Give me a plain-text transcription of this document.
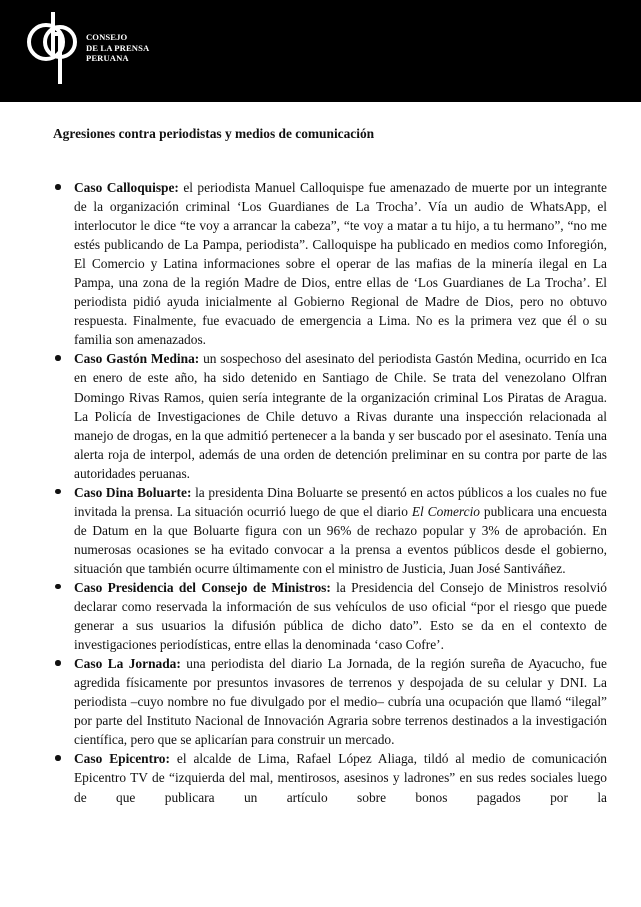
CONSEJO
DE LA PRENSA
PERUANA
Agresiones contra periodistas y medios de comunicación

Caso Calloquispe: el periodista Manuel Calloquispe fue amenazado de muerte por un integrante de la organización criminal ‘Los Guardianes de La Trocha’. Vía un audio de WhatsApp, el interlocutor le dice “te voy a arrancar la cabeza”, “te voy a matar a tu hijo, a tu hermano”, “no me estés publicando de La Pampa, periodista”. Calloquispe ha publicado en medios como Inforegión, El Comercio y Latina informaciones sobre el operar de las mafias de la minería ilegal en La Pampa, una zona de la región Madre de Dios, entre ellas de ‘Los Guardianes de La Trocha’. El periodista pidió ayuda inicialmente al Gobierno Regional de Madre de Dios, pero no obtuvo respuesta. Finalmente, fue evacuado de emergencia a Lima. No es la primera vez que él o su familia son amenazados.

Caso Gastón Medina: un sospechoso del asesinato del periodista Gastón Medina, ocurrido en Ica en enero de este año, ha sido detenido en Santiago de Chile. Se trata del venezolano Olfran Domingo Rivas Ramos, quien sería integrante de la organización criminal Los Piratas de Aragua. La Policía de Investigaciones de Chile detuvo a Rivas durante una inspección relacionada al manejo de drogas, en la que admitió pertenecer a la banda y ser buscado por el asesinato. Tenía una alerta roja de interpol, además de una orden de detención preliminar en su contra por parte de las autoridades peruanas.

Caso Dina Boluarte: la presidenta Dina Boluarte se presentó en actos públicos a los cuales no fue invitada la prensa. La situación ocurrió luego de que el diario El Comercio publicara una encuesta de Datum en la que Boluarte figura con un 96% de rechazo popular y 3% de aprobación. En numerosas ocasiones se ha evitado convocar a la prensa a eventos públicos desde el gobierno, situación que también ocurre últimamente con el ministro de Justicia, Juan José Santiváñez.

Caso Presidencia del Consejo de Ministros: la Presidencia del Consejo de Ministros resolvió declarar como reservada la información de sus vehículos de uso oficial “por el riesgo que puede generar a sus usuarios la difusión pública de dicho dato”. Esto se da en el contexto de investigaciones periodísticas, entre ellas la denominada ‘caso Cofre’.

Caso La Jornada: una periodista del diario La Jornada, de la región sureña de Ayacucho, fue agredida físicamente por presuntos invasores de terrenos y despojada de su celular y DNI. La periodista –cuyo nombre no fue divulgado por el medio– cubría una ocupación que llamó “ilegal” por parte del Instituto Nacional de Innovación Agraria sobre terrenos destinados a la investigación científica, pero que se aplicarían para construir un mercado.

Caso Epicentro: el alcalde de Lima, Rafael López Aliaga, tildó al medio de comunicación Epicentro TV de “izquierda del mal, mentirosos, asesinos y ladrones” en sus redes sociales luego de que publicara un artículo sobre bonos pagados por la
